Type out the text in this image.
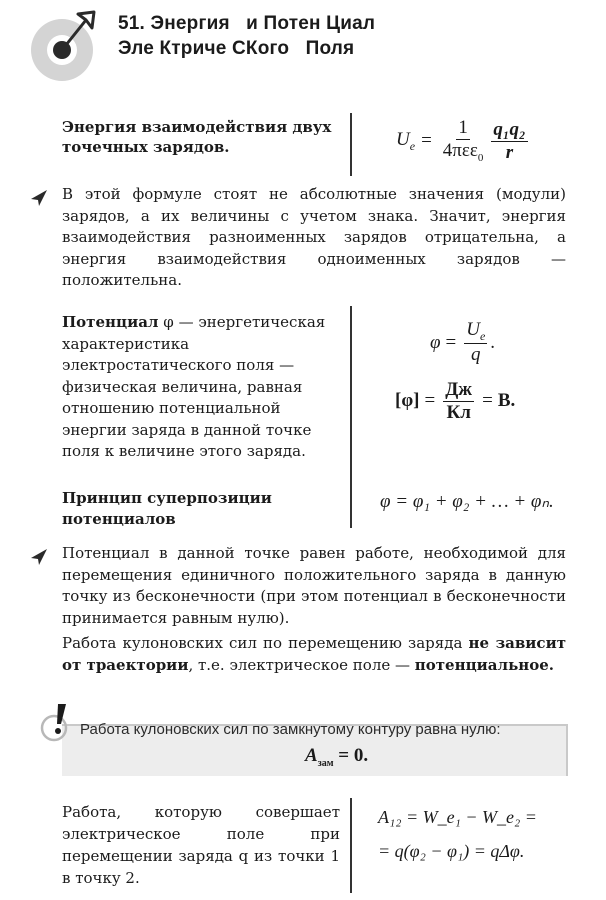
51. Энергия   и Потен Циал
Эле Ктриче СКого   Поля
Энергия взаимодействия двух точечных зарядов.	$U_e = \frac{1}{4\pi\varepsilon\varepsilon_0} \frac{\text{q₁q₂}}{r}$
В этой формуле стоят не абсолютные значения (модули) зарядов, а их величины с учетом знака. Значит, энергия взаимодействия разноименных зарядов отрицательна, а энергия взаимодействия одноименных зарядов — положительна.
Потенциал φ — энергетическая характеристика электростатического поля — физическая величина, равная отношению потенциальной энергии заряда в данной точке поля к величине этого заряда.
$\varphi = \frac{U_e}{q}$ .
$[\varphi] = \frac{Дж}{Кл} = В$ .
Принцип суперпозиции потенциалов
φ = φ₁ + φ₂ + … + φₙ.
Потенциал в данной точке равен работе, необходимой для перемещения единичного положительного заряда в данную точку из бесконечности (при этом потенциал в бесконечности принимается равным нулю).
Работа кулоновских сил по перемещению заряда не зависит от траектории, т.е. электрическое поле — потенциальное.
Работа кулоновских сил по замкнутому контуру равна нулю:
$A_{зам} = 0$.
Работа, которую совершает электрическое поле при перемещении заряда q из точки 1 в точку 2.
A₁₂ = W_e₁ − W_e₂ =
= q(φ₂ − φ₁) = qΔφ.
